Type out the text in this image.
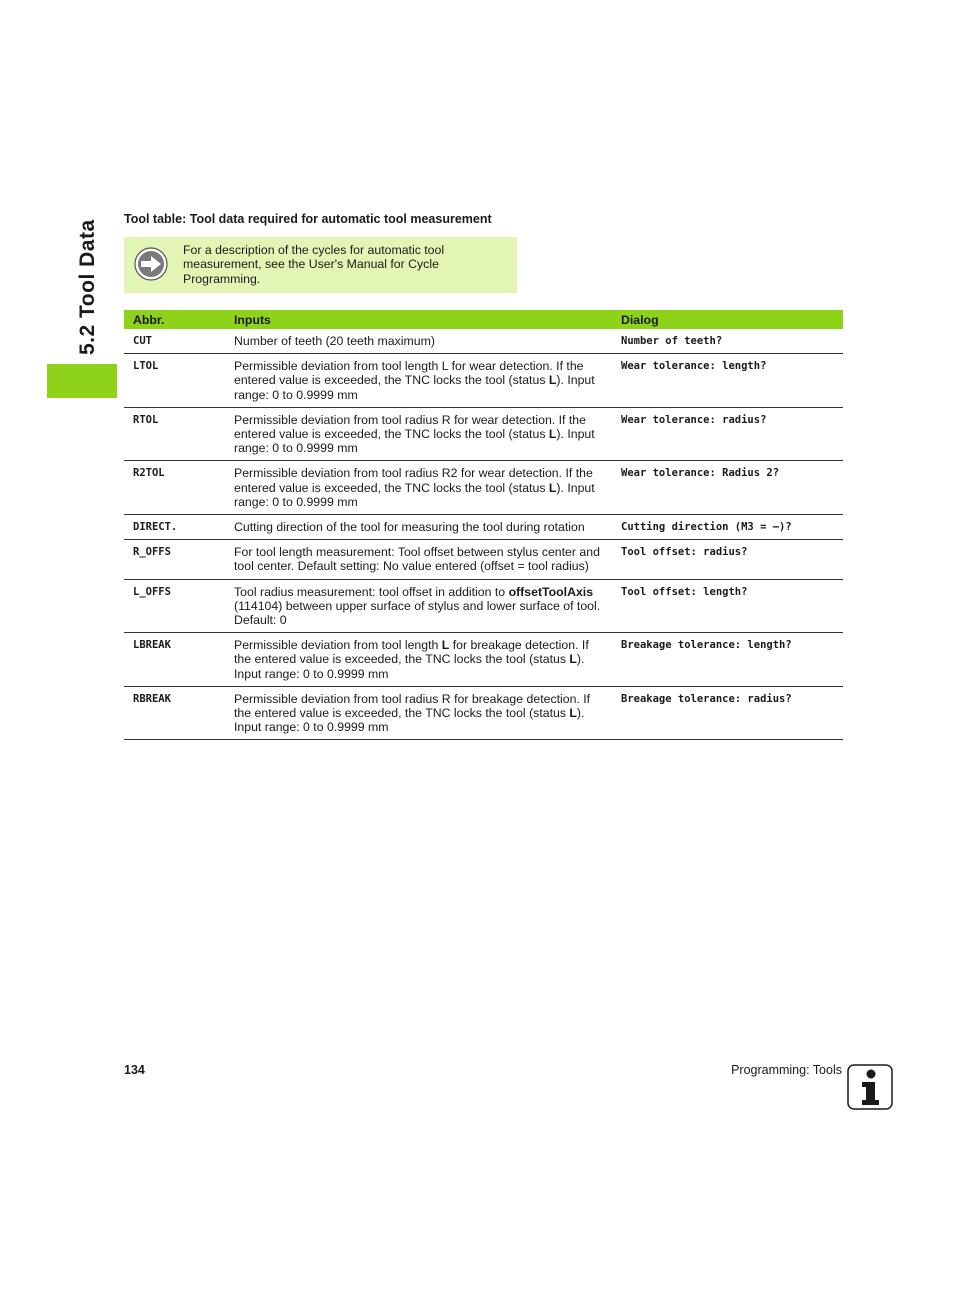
5.2 Tool Data
Tool table: Tool data required for automatic tool measurement
For a description of the cycles for automatic tool measurement, see the User's Manual for Cycle Programming.
Abbr.	Inputs	Dialog
CUT	Number of teeth (20 teeth maximum)	Number of teeth?
LTOL	Permissible deviation from tool length L for wear detection. If the entered value is exceeded, the TNC locks the tool (status L). Input range: 0 to 0.9999 mm	Wear tolerance: length?
RTOL	Permissible deviation from tool radius R for wear detection. If the entered value is exceeded, the TNC locks the tool (status L). Input range: 0 to 0.9999 mm	Wear tolerance: radius?
R2TOL	Permissible deviation from tool radius R2 for wear detection. If the entered value is exceeded, the TNC locks the tool (status L). Input range: 0 to 0.9999 mm	Wear tolerance: Radius 2?
DIRECT.	Cutting direction of the tool for measuring the tool during rotation	Cutting direction (M3 = –)?
R_OFFS	For tool length measurement: Tool offset between stylus center and tool center. Default setting: No value entered (offset = tool radius)	Tool offset: radius?
L_OFFS	Tool radius measurement: tool offset in addition to offsetToolAxis (114104) between upper surface of stylus and lower surface of tool. Default: 0	Tool offset: length?
LBREAK	Permissible deviation from tool length L for breakage detection. If the entered value is exceeded, the TNC locks the tool (status L). Input range: 0 to 0.9999 mm	Breakage tolerance: length?
RBREAK	Permissible deviation from tool radius R for breakage detection. If the entered value is exceeded, the TNC locks the tool (status L). Input range: 0 to 0.9999 mm	Breakage tolerance: radius?
134	Programming: Tools
